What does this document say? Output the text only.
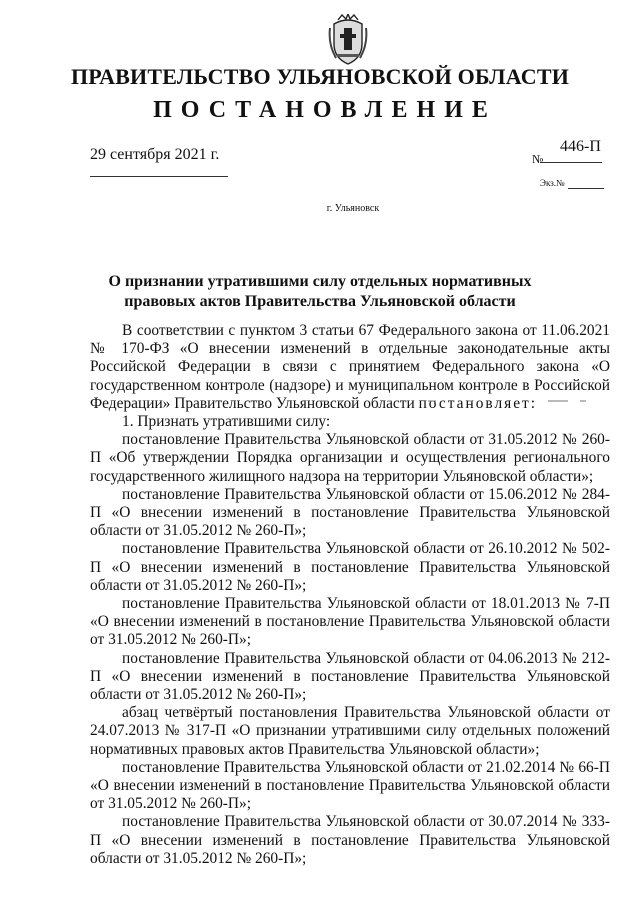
ПРАВИТЕЛЬСТВО УЛЬЯНОВСКОЙ ОБЛАСТИ
ПОСТАНОВЛЕНИЕ
29 сентября 2021 г.	№
446-П
Экз.№
г. Ульяновск
О признании утратившими силу отдельных нормативных
правовых актов Правительства Ульяновской области

В соответствии с пунктом 3 статьи 67 Федерального закона от 11.06.2021 № 170-ФЗ «О внесении изменений в отдельные законодательные акты Российской Федерации в связи с принятием Федерального закона «О государственном контроле (надзоре) и муниципальном контроле в Российской Федерации» Правительство Ульяновской области постановляет:

1. Признать утратившими силу:

постановление Правительства Ульяновской области от 31.05.2012 № 260-П «Об утверждении Порядка организации и осуществления регионального государственного жилищного надзора на территории Ульяновской области»;

постановление Правительства Ульяновской области от 15.06.2012 № 284-П «О внесении изменений в постановление Правительства Ульяновской области от 31.05.2012 № 260-П»;

постановление Правительства Ульяновской области от 26.10.2012 № 502-П «О внесении изменений в постановление Правительства Ульяновской области от 31.05.2012 № 260-П»;

постановление Правительства Ульяновской области от 18.01.2013 № 7-П «О внесении изменений в постановление Правительства Ульяновской области от 31.05.2012 № 260-П»;

постановление Правительства Ульяновской области от 04.06.2013 № 212-П «О внесении изменений в постановление Правительства Ульяновской области от 31.05.2012 № 260-П»;

абзац четвёртый постановления Правительства Ульяновской области от 24.07.2013 № 317-П «О признании утратившими силу отдельных положений нормативных правовых актов Правительства Ульяновской области»;

постановление Правительства Ульяновской области от 21.02.2014 № 66-П «О внесении изменений в постановление Правительства Ульяновской области от 31.05.2012 № 260-П»;

постановление Правительства Ульяновской области от 30.07.2014 № 333-П «О внесении изменений в постановление Правительства Ульяновской области от 31.05.2012 № 260-П»;
